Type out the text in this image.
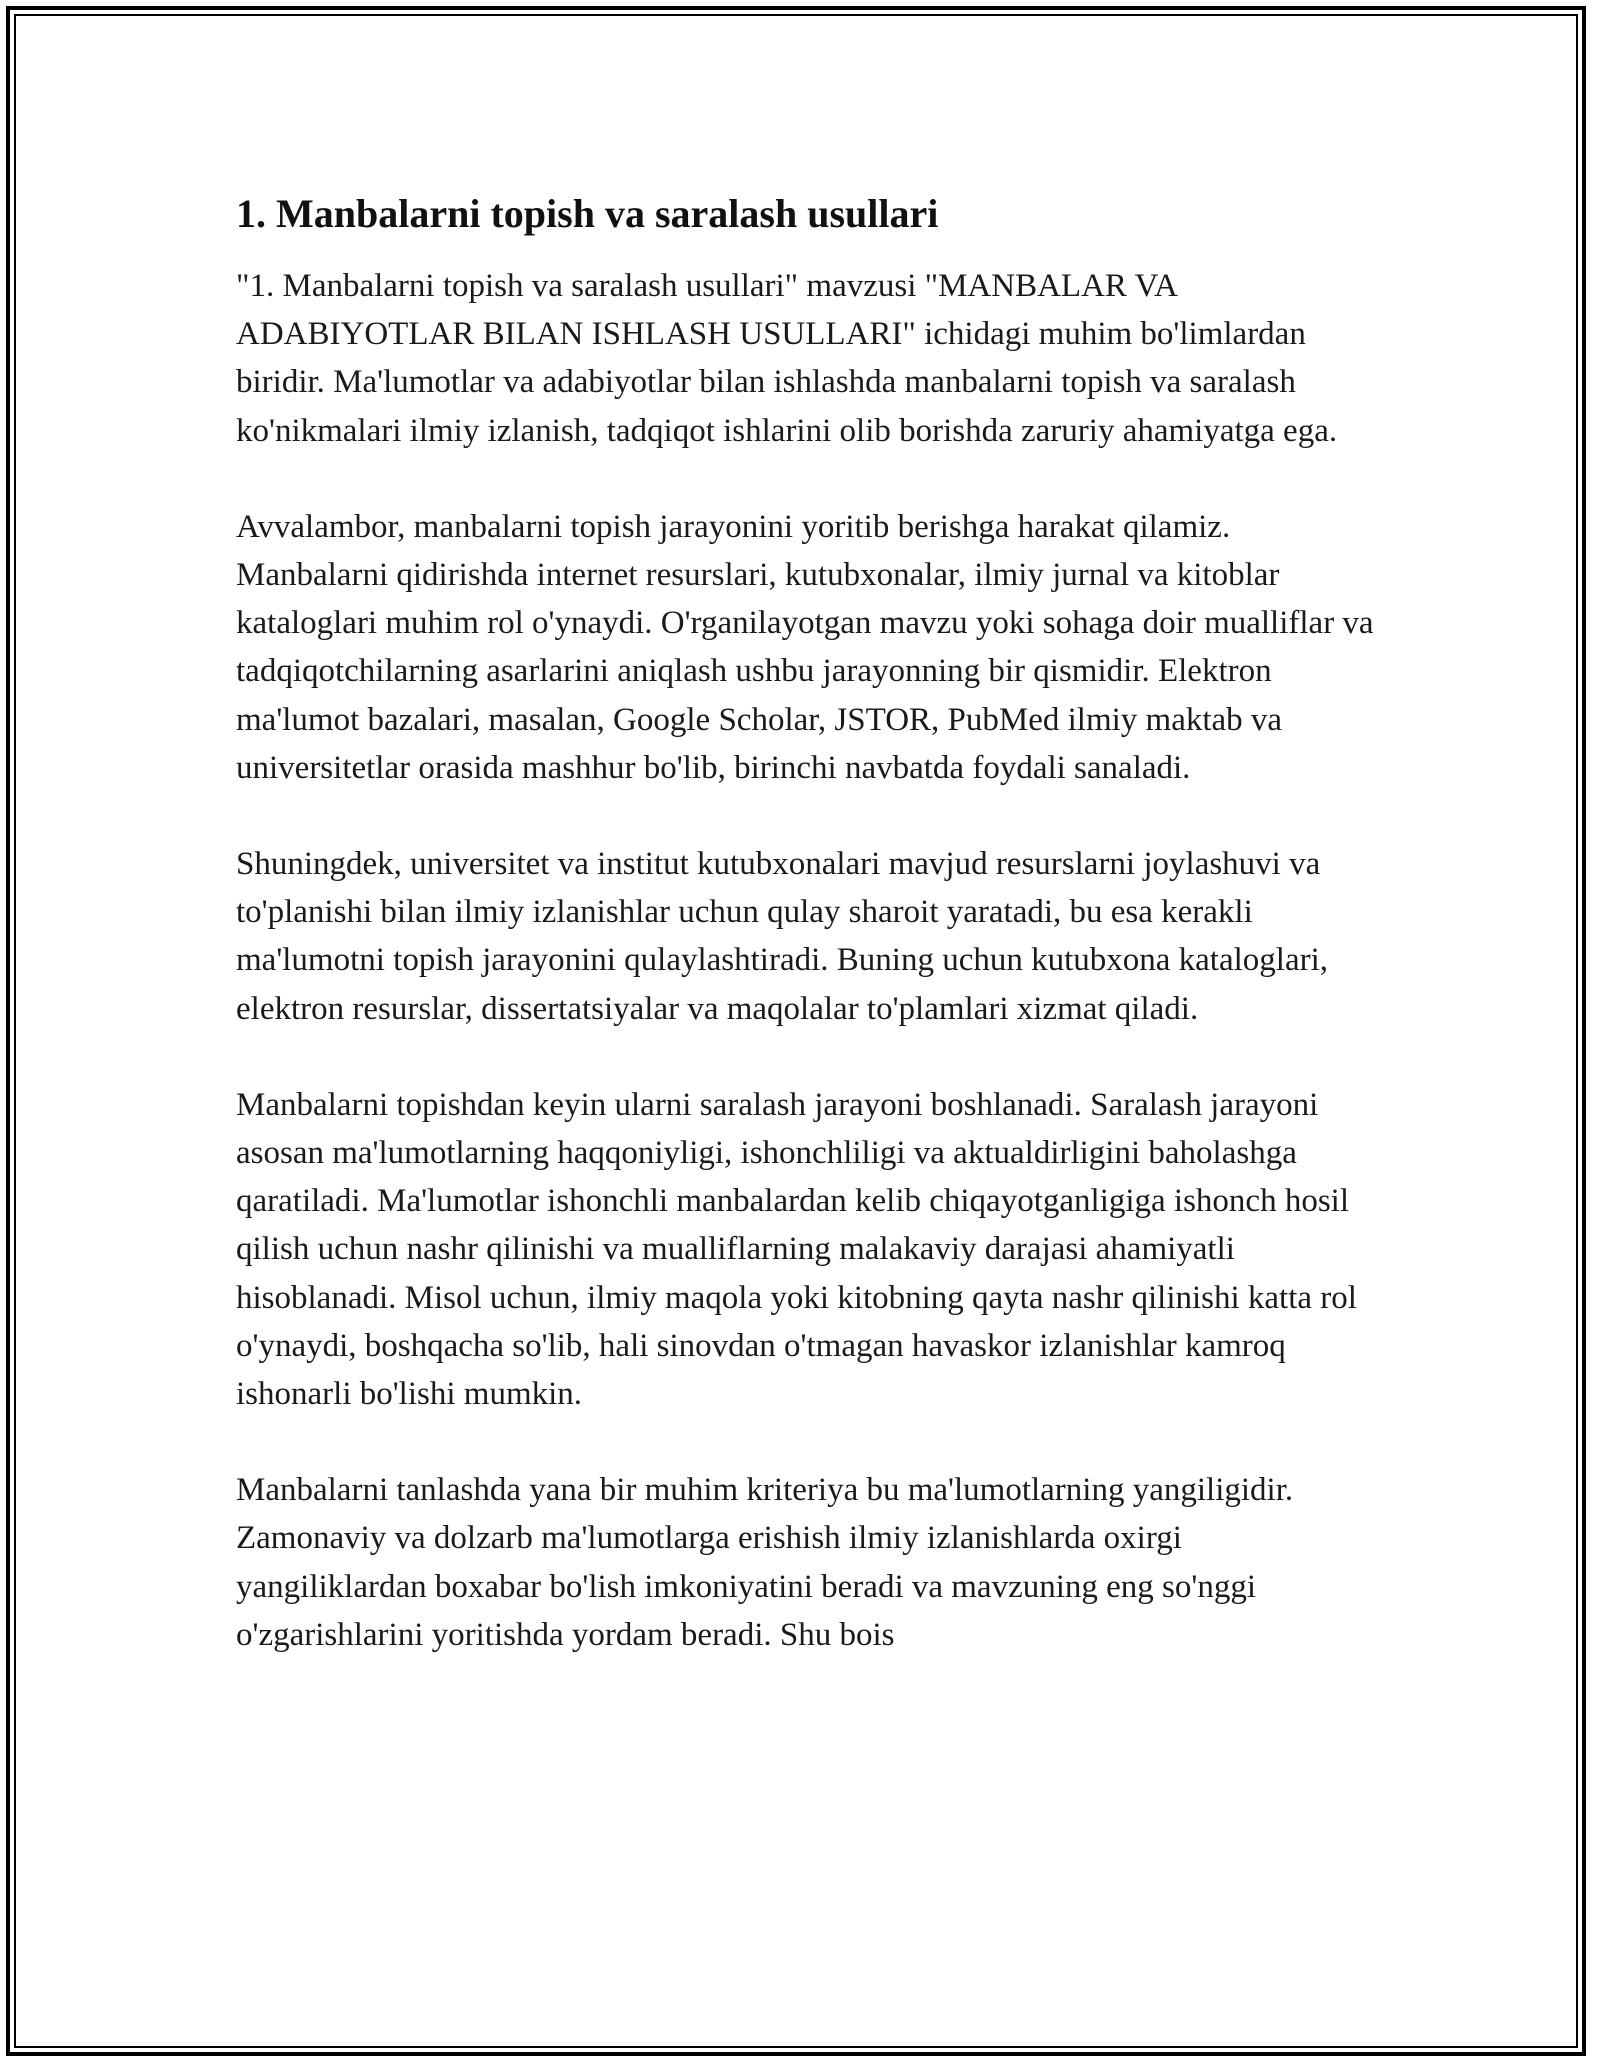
1. Manbalarni topish va saralash usullari

"1. Manbalarni topish va saralash usullari" mavzusi "MANBALAR VA ADABIYOTLAR BILAN ISHLASH USULLARI" ichidagi muhim bo'limlardan biridir. Ma'lumotlar va adabiyotlar bilan ishlashda manbalarni topish va saralash ko'nikmalari ilmiy izlanish, tadqiqot ishlarini olib borishda zaruriy ahamiyatga ega.

Avvalambor, manbalarni topish jarayonini yoritib berishga harakat qilamiz. Manbalarni qidirishda internet resurslari, kutubxonalar, ilmiy jurnal va kitoblar kataloglari muhim rol o'ynaydi. O'rganilayotgan mavzu yoki sohaga doir mualliflar va tadqiqotchilarning asarlarini aniqlash ushbu jarayonning bir qismidir. Elektron ma'lumot bazalari, masalan, Google Scholar, JSTOR, PubMed ilmiy maktab va universitetlar orasida mashhur bo'lib, birinchi navbatda foydali sanaladi.

Shuningdek, universitet va institut kutubxonalari mavjud resurslarni joylashuvi va to'planishi bilan ilmiy izlanishlar uchun qulay sharoit yaratadi, bu esa kerakli ma'lumotni topish jarayonini qulaylashtiradi. Buning uchun kutubxona kataloglari, elektron resurslar, dissertatsiyalar va maqolalar to'plamlari xizmat qiladi.

Manbalarni topishdan keyin ularni saralash jarayoni boshlanadi. Saralash jarayoni asosan ma'lumotlarning haqqoniyligi, ishonchliligi va aktualdirligini baholashga qaratiladi. Ma'lumotlar ishonchli manbalardan kelib chiqayotganligiga ishonch hosil qilish uchun nashr qilinishi va mualliflarning malakaviy darajasi ahamiyatli hisoblanadi. Misol uchun, ilmiy maqola yoki kitobning qayta nashr qilinishi katta rol o'ynaydi, boshqacha so'lib, hali sinovdan o'tmagan havaskor izlanishlar kamroq ishonarli bo'lishi mumkin.

Manbalarni tanlashda yana bir muhim kriteriya bu ma'lumotlarning yangiligidir. Zamonaviy va dolzarb ma'lumotlarga erishish ilmiy izlanishlarda oxirgi yangiliklardan boxabar bo'lish imkoniyatini beradi va mavzuning eng so'nggi o'zgarishlarini yoritishda yordam beradi. Shu bois
